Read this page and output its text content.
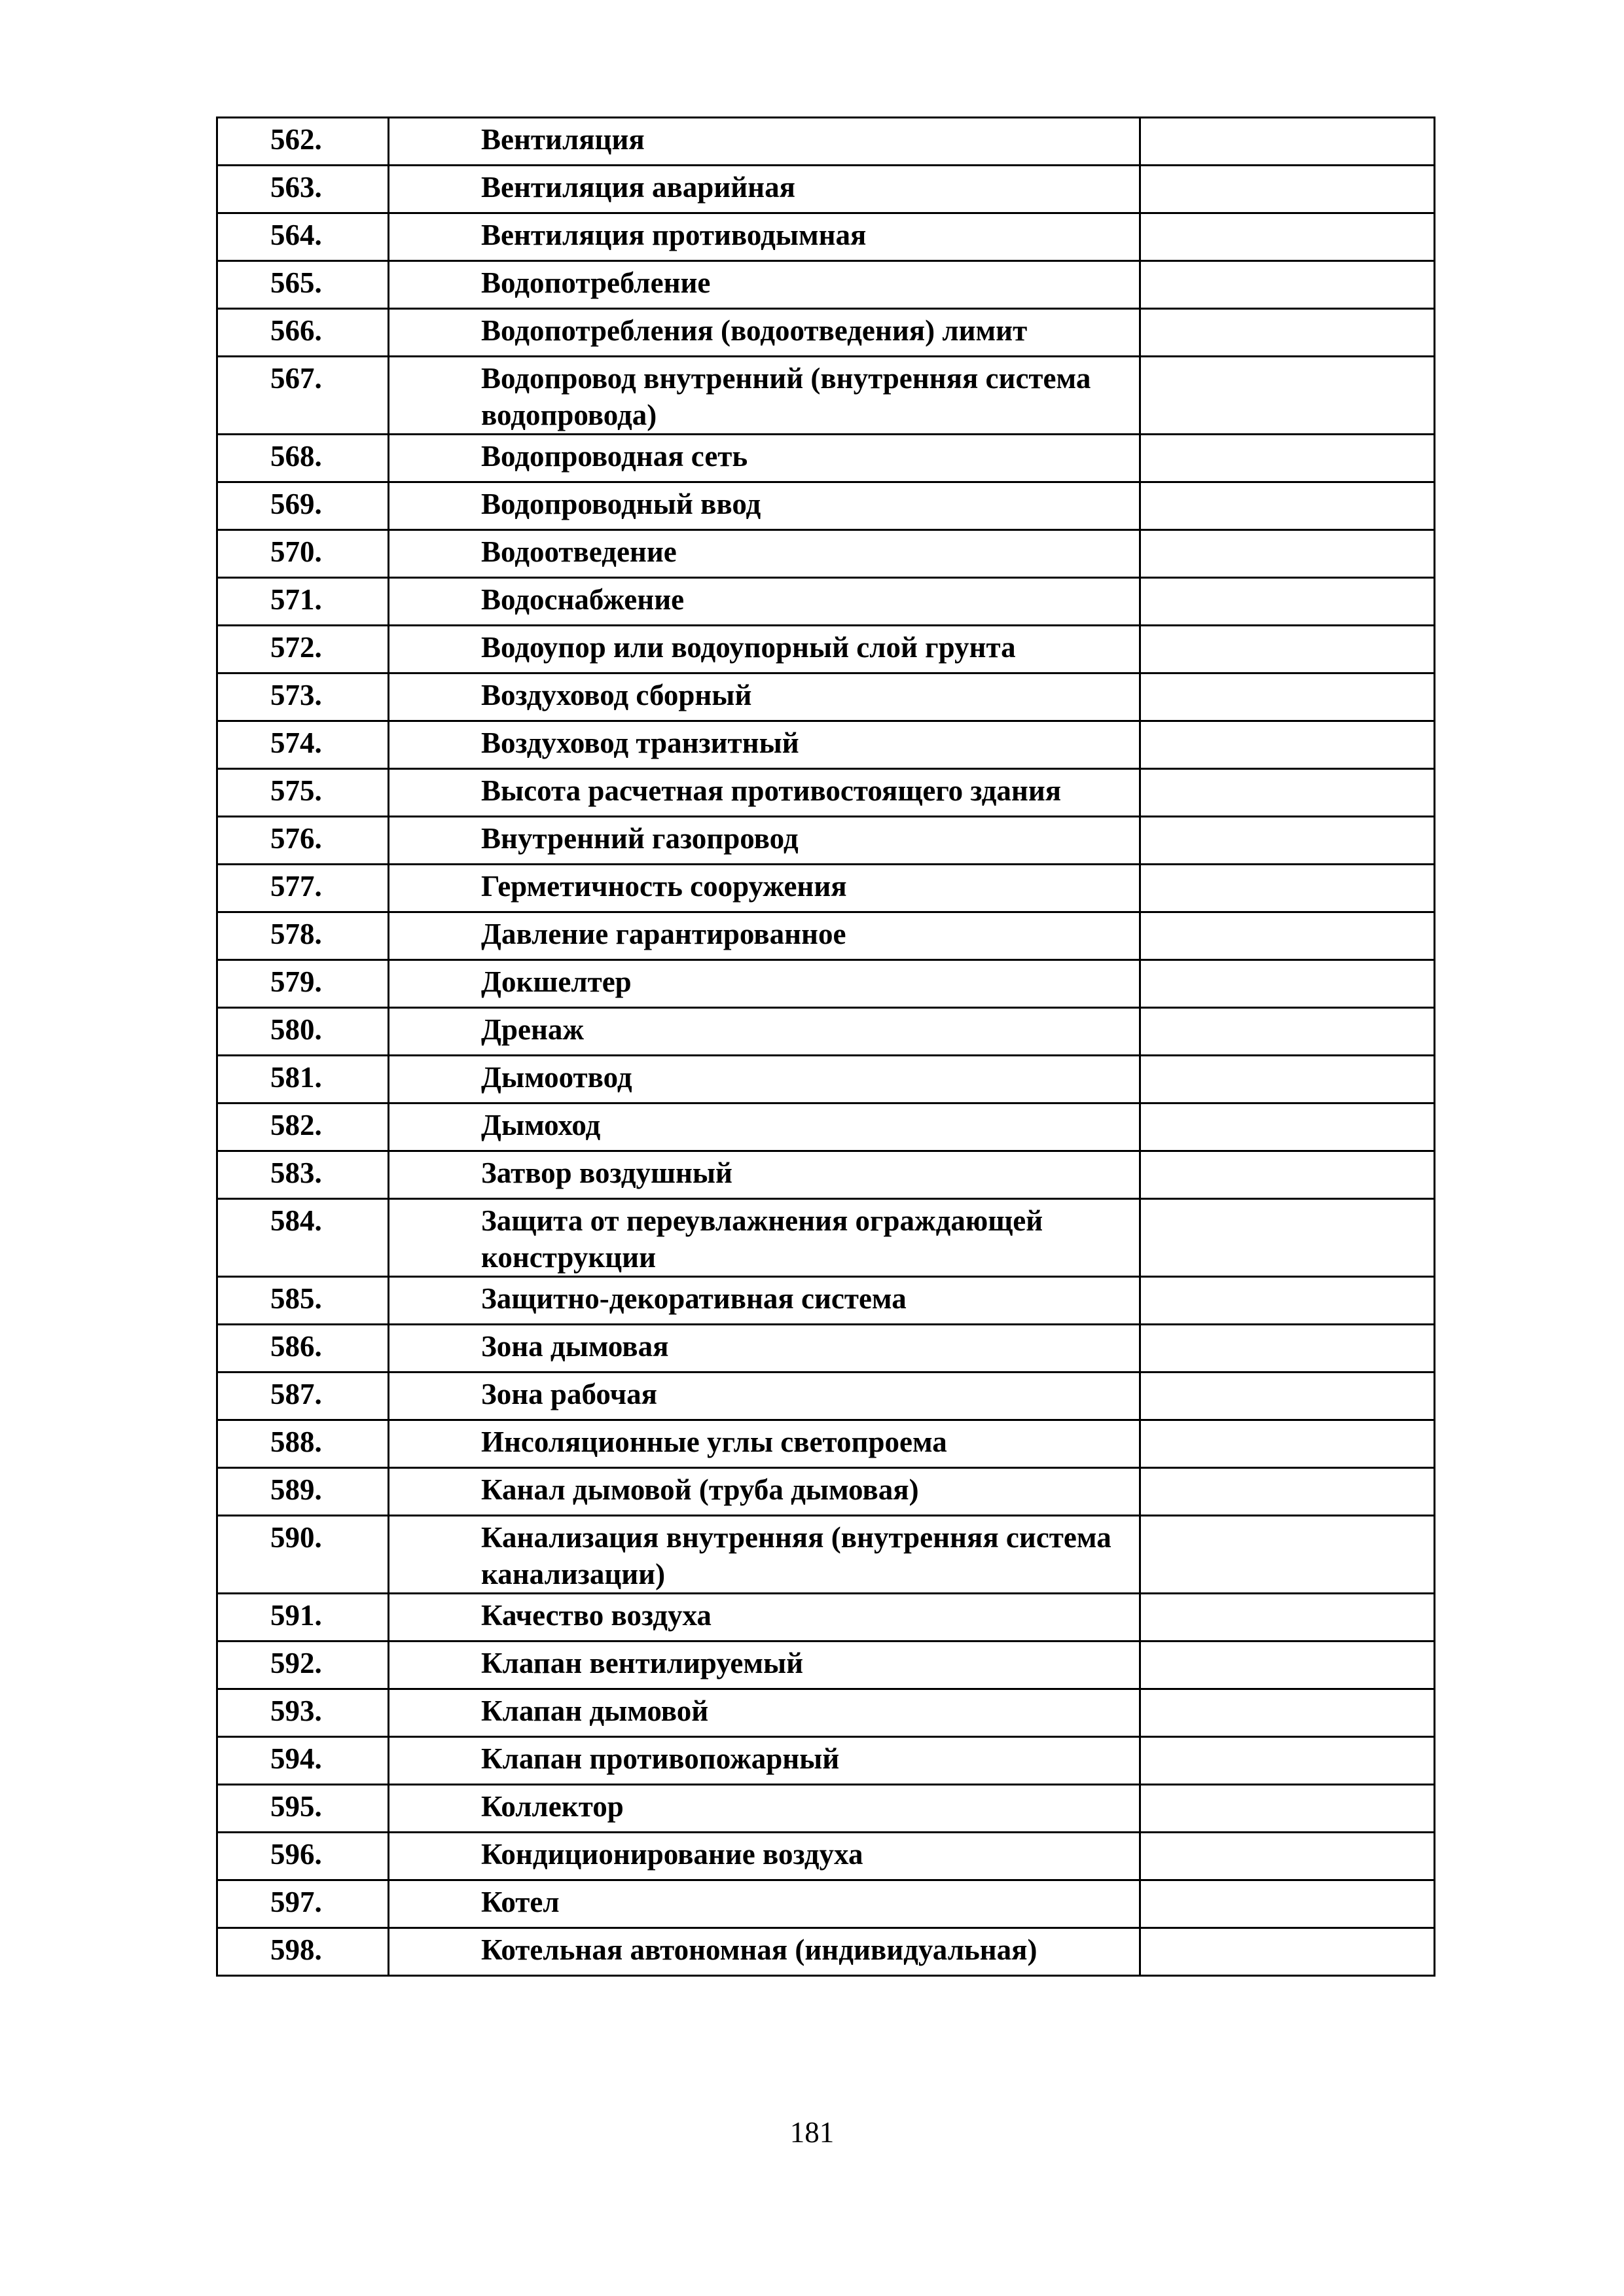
562.	Вентиляция	
563.	Вентиляция аварийная	
564.	Вентиляция противодымная	
565.	Водопотребление	
566.	Водопотребления (водоотведения) лимит	
567.	Водопровод внутренний (внутренняя система водопровода)	
568.	Водопроводная сеть	
569.	Водопроводный ввод	
570.	Водоотведение	
571.	Водоснабжение	
572.	Водоупор или водоупорный слой грунта	
573.	Воздуховод сборный	
574.	Воздуховод транзитный	
575.	Высота расчетная противостоящего здания	
576.	Внутренний газопровод	
577.	Герметичность сооружения	
578.	Давление гарантированное	
579.	Докшелтер	
580.	Дренаж	
581.	Дымоотвод	
582.	Дымоход	
583.	Затвор воздушный	
584.	Защита от переувлажнения ограждающей конструкции	
585.	Защитно-декоративная система	
586.	Зона дымовая	
587.	Зона рабочая	
588.	Инсоляционные углы светопроема	
589.	Канал дымовой (труба дымовая)	
590.	Канализация внутренняя (внутренняя система канализации)	
591.	Качество воздуха	
592.	Клапан вентилируемый	
593.	Клапан дымовой	
594.	Клапан противопожарный	
595.	Коллектор	
596.	Кондиционирование воздуха	
597.	Котел	
598.	Котельная автономная (индивидуальная)	
181
